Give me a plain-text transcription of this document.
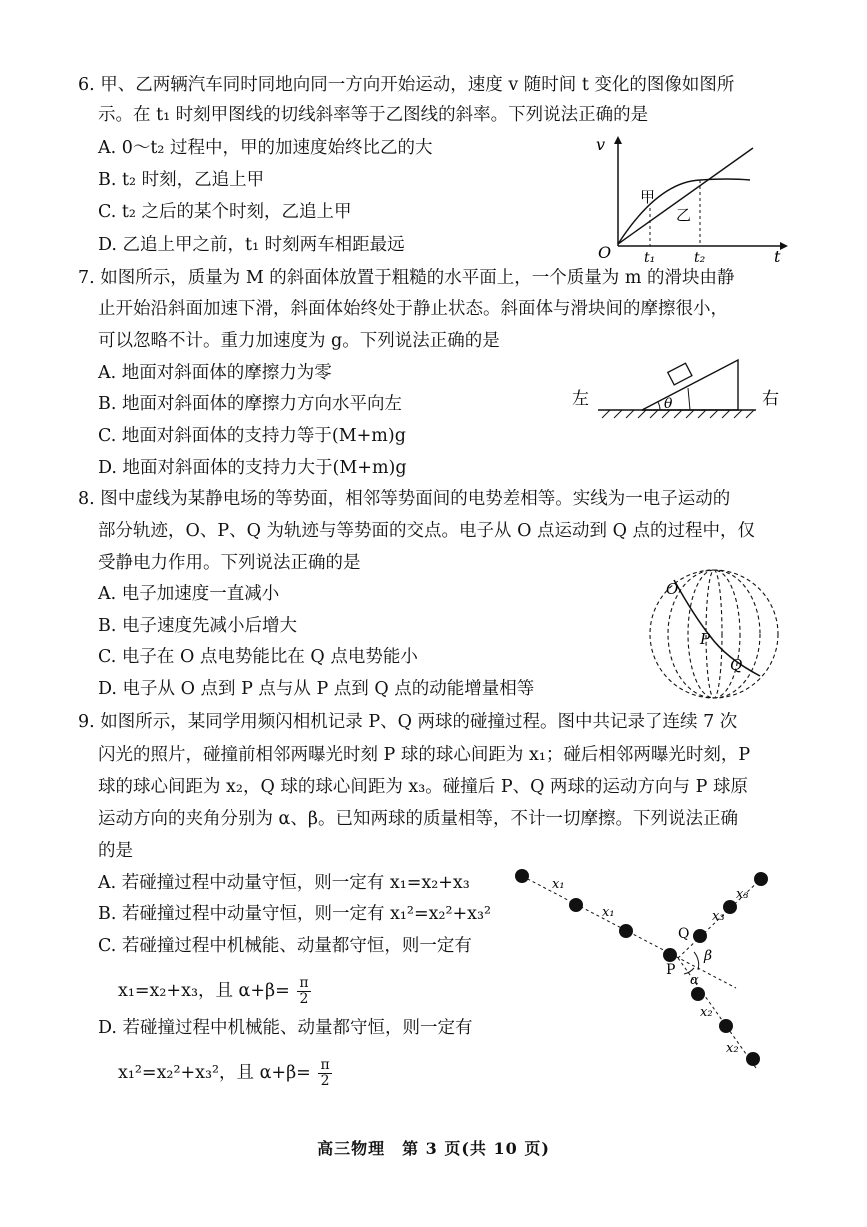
6. 甲、乙两辆汽车同时同地向同一方向开始运动，速度 v 随时间 t 变化的图像如图所
示。在 t₁ 时刻甲图线的切线斜率等于乙图线的斜率。下列说法正确的是
A. 0～t₂ 过程中，甲的加速度始终比乙的大
B. t₂ 时刻，乙追上甲
C. t₂ 之后的某个时刻，乙追上甲
D. 乙追上甲之前，t₁ 时刻两车相距最远
v
t
O t₁	t₂
甲
乙
7. 如图所示，质量为 M 的斜面体放置于粗糙的水平面上，一个质量为 m 的滑块由静
止开始沿斜面加速下滑，斜面体始终处于静止状态。斜面体与滑块间的摩擦很小，
可以忽略不计。重力加速度为 g。下列说法正确的是
A. 地面对斜面体的摩擦力为零
B. 地面对斜面体的摩擦力方向水平向左
C. 地面对斜面体的支持力等于(M+m)g
D. 地面对斜面体的支持力大于(M+m)g
θ
左	右
8. 图中虚线为某静电场的等势面，相邻等势面间的电势差相等。实线为一电子运动的
部分轨迹，O、P、Q 为轨迹与等势面的交点。电子从 O 点运动到 Q 点的过程中，仅
受静电力作用。下列说法正确的是
A. 电子加速度一直减小
B. 电子速度先减小后增大
C. 电子在 O 点电势能比在 Q 点电势能小
D. 电子从 O 点到 P 点与从 P 点到 Q 点的动能增量相等
O
P
Q
9. 如图所示，某同学用频闪相机记录 P、Q 两球的碰撞过程。图中共记录了连续 7 次
闪光的照片，碰撞前相邻两曝光时刻 P 球的球心间距为 x₁；碰后相邻两曝光时刻，P
球的球心间距为 x₂，Q 球的球心间距为 x₃。碰撞后 P、Q 两球的运动方向与 P 球原
运动方向的夹角分别为 α、β。已知两球的质量相等，不计一切摩擦。下列说法正确
的是
A. 若碰撞过程中动量守恒，则一定有 x₁=x₂+x₃
B. 若碰撞过程中动量守恒，则一定有 x₁²=x₂²+x₃²
C. 若碰撞过程中机械能、动量都守恒，则一定有
x₁=x₂+x₃，且 $\alpha+\beta= \frac{\pi}{2}$
D. 若碰撞过程中机械能、动量都守恒，则一定有
x₁²=x₂²+x₃²，且 $\alpha+\beta= \frac{\pi}{2}$
x₁
x₁	x₃
x₃
x₂
x₂
Q
P
β
α
高三物理　第 3 页(共 10 页)
